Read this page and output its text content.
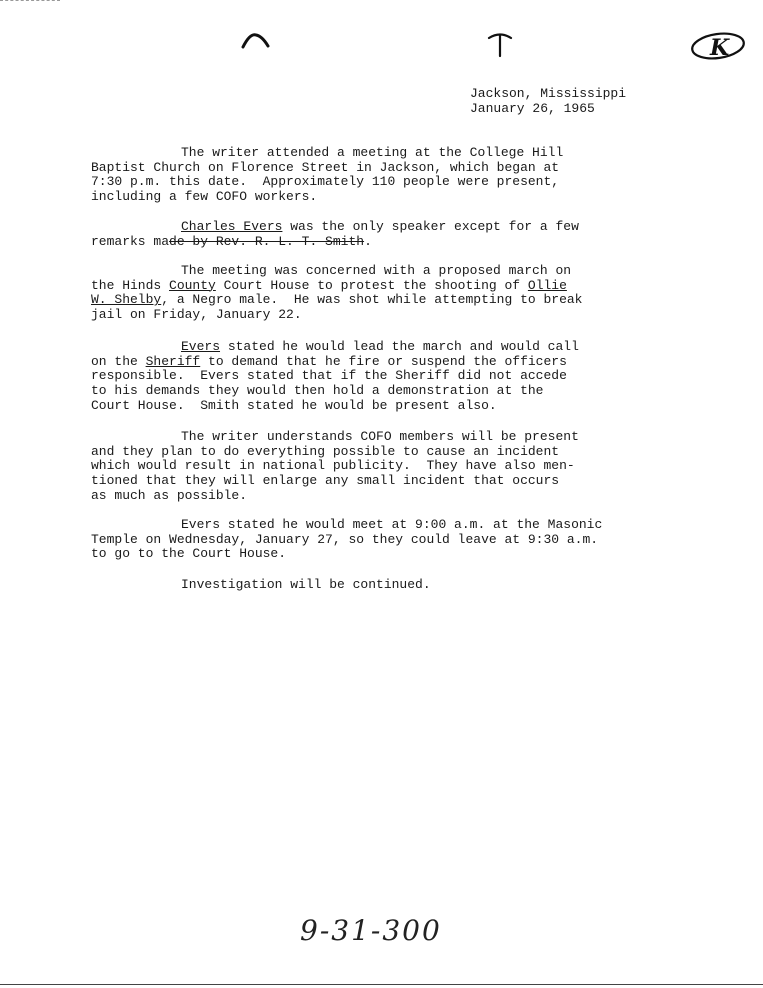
K
Jackson, Mississippi
January 26, 1965
The writer attended a meeting at the College Hill
Baptist Church on Florence Street in Jackson, which began at
7:30 p.m. this date.  Approximately 110 people were present,
including a few COFO workers.
Charles Evers was the only speaker except for a few
remarks made by Rev. R. L. T. Smith.
The meeting was concerned with a proposed march on
the Hinds County Court House to protest the shooting of Ollie
W. Shelby, a Negro male.  He was shot while attempting to break
jail on Friday, January 22.
Evers stated he would lead the march and would call
on the Sheriff to demand that he fire or suspend the officers
responsible.  Evers stated that if the Sheriff did not accede
to his demands they would then hold a demonstration at the
Court House.  Smith stated he would be present also.
The writer understands COFO members will be present
and they plan to do everything possible to cause an incident
which would result in national publicity.  They have also men-
tioned that they will enlarge any small incident that occurs
as much as possible.
Evers stated he would meet at 9:00 a.m. at the Masonic
Temple on Wednesday, January 27, so they could leave at 9:30 a.m.
to go to the Court House.
Investigation will be continued.
9-31-300
